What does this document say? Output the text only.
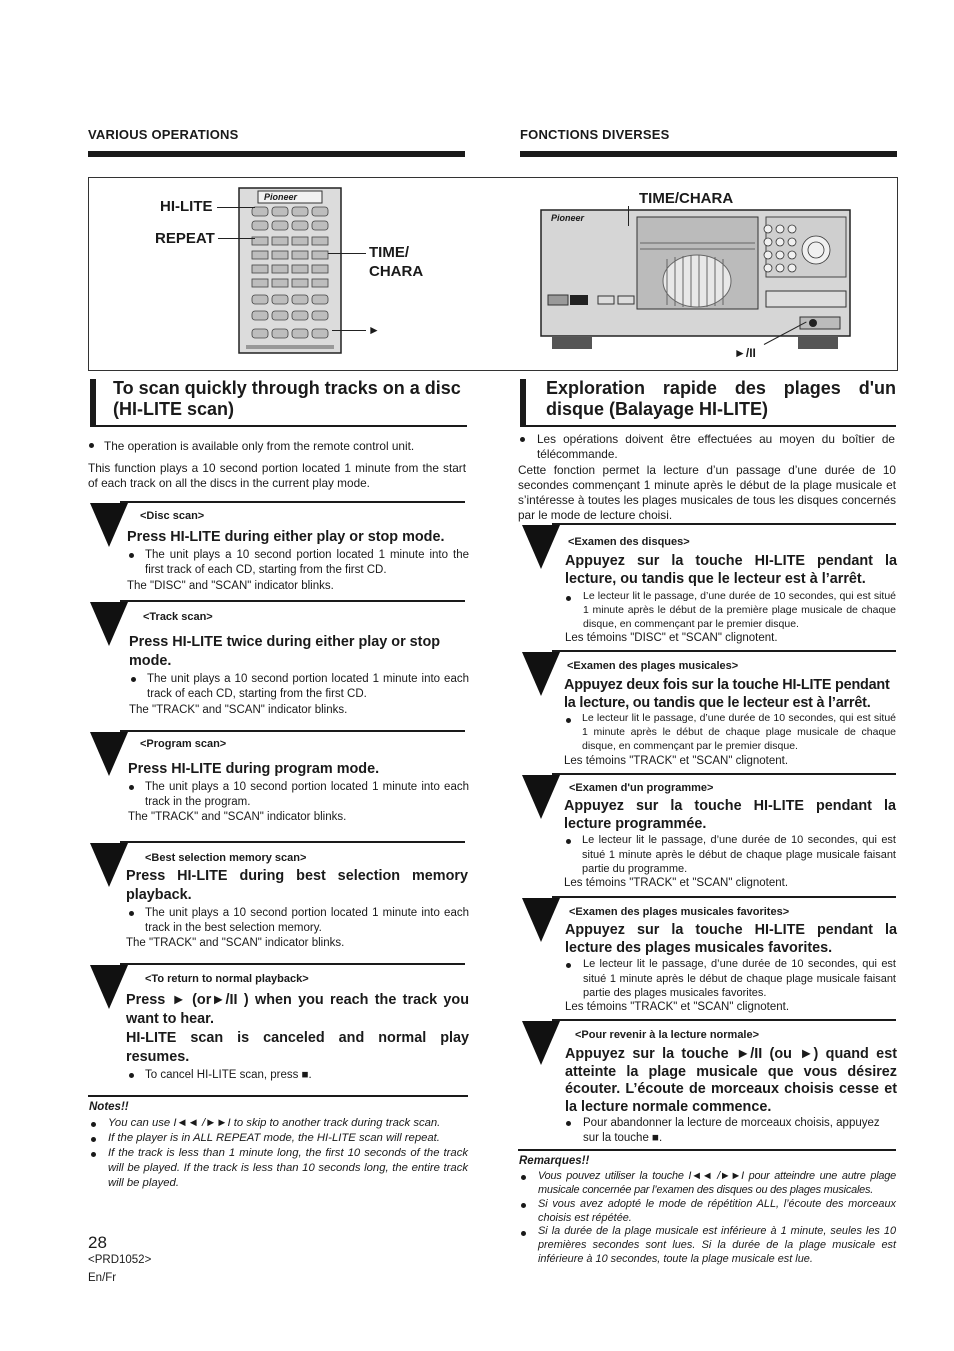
VARIOUS OPERATIONS	FONCTIONS DIVERSES
Pioneer
HI-LITE
REPEAT
TIME/
CHARA
►
Pioneer
TIME/CHARA
►/II
To scan quickly through tracks on a disc (HI-LITE scan)
The operation is available only from the remote control unit.
This function plays a 10 second portion located 1 minute from the start of each track on all the discs in the current play mode.
<Disc scan>
Press HI-LITE during either play or stop mode.
The unit plays a 10 second portion located 1 minute into the first track of each CD, starting from the first CD.
The "DISC" and "SCAN" indicator blinks.
<Track scan>
Press HI-LITE twice during either play or stop mode.
The unit plays a 10 second portion located 1 minute into each track of each CD, starting from the first CD.
The "TRACK" and "SCAN" indicator blinks.
<Program scan>
Press HI-LITE during program mode.
The unit plays a 10 second portion located 1 minute into each track in the program.
The "TRACK" and "SCAN" indicator blinks.
<Best selection memory scan>
Press HI-LITE during best selection memory playback.
The unit plays a 10 second portion located 1 minute into each track in the best selection memory.
The "TRACK" and "SCAN" indicator blinks.
<To return to normal playback>
Press ► (or►/II ) when you reach the track you want to hear.
HI-LITE scan is canceled and normal play resumes.
To cancel HI-LITE scan, press ■.
Notes!!
You can use I◄◄ /►►I to skip to another track during track scan.
If the player is in ALL REPEAT mode, the HI-LITE scan will repeat.
If the track is less than 1 minute long, the first 10 seconds of the track will be played. If the track is less than 10 seconds long, the entire track will be played.
28
<PRD1052>
En/Fr
Exploration rapide des plages d'un disque (Balayage HI-LITE)
Les opérations doivent être effectuées au moyen du boîtier de télécommande.
Cette fonction permet la lecture d’un passage d’une durée de 10 secondes commençant 1 minute après le début de la plage musicale et s’intéresse à toutes les plages musicales de tous les disques concernés par le mode de lecture choisi.
<Examen des disques>
Appuyez sur la touche HI-LITE pendant la lecture, ou tandis que le lecteur est à l’arrêt.
Le lecteur lit le passage, d’une durée de 10 secondes, qui est situé 1 minute après le début de la première plage musicale de chaque disque, en commençant par le premier disque.
Les témoins "DISC" et "SCAN" clignotent.
<Examen des plages musicales>
Appuyez deux fois sur la touche HI-LITE pendant la lecture, ou tandis que le lecteur est à l’arrêt.
Le lecteur lit le passage, d’une durée de 10 secondes, qui est situé 1 minute après le début de chaque plage musicale de chaque disque, en commençant par le premier disque.
Les témoins "TRACK" et "SCAN" clignotent.
<Examen d'un programme>
Appuyez sur la touche HI-LITE pendant la lecture programmée.
Le lecteur lit le passage, d’une durée de 10 secondes, qui est situé 1 minute après le début de chaque plage musicale faisant partie du programme.
Les témoins "TRACK" et "SCAN" clignotent.
<Examen des plages musicales favorites>
Appuyez sur la touche HI-LITE pendant la lecture des plages musicales favorites.
Le lecteur lit le passage, d’une durée de 10 secondes, qui est situé 1 minute après le début de chaque plage musicale faisant partie des plages musicales favorites.
Les témoins "TRACK" et "SCAN" clignotent.
<Pour revenir à la lecture normale>
Appuyez sur la touche ►/II (ou ►) quand est atteinte la plage musicale que vous désirez écouter. L’écoute de morceaux choisis cesse et la lecture normale commence.
Pour abandonner la lecture de morceaux choisis, appuyez sur la touche ■.
Remarques!!
Vous pouvez utiliser la touche I◄◄ /►►I pour atteindre une autre plage musicale concernée par l’examen des disques ou des plages musicales.
Si vous avez adopté le mode de répétition ALL, l’écoute des morceaux choisis est répétée.
Si la durée de la plage musicale est inférieure à 1 minute, seules les 10 premières secondes sont lues. Si la durée de la plage musicale est inférieure à 10 secondes, toute la plage musicale est lue.
